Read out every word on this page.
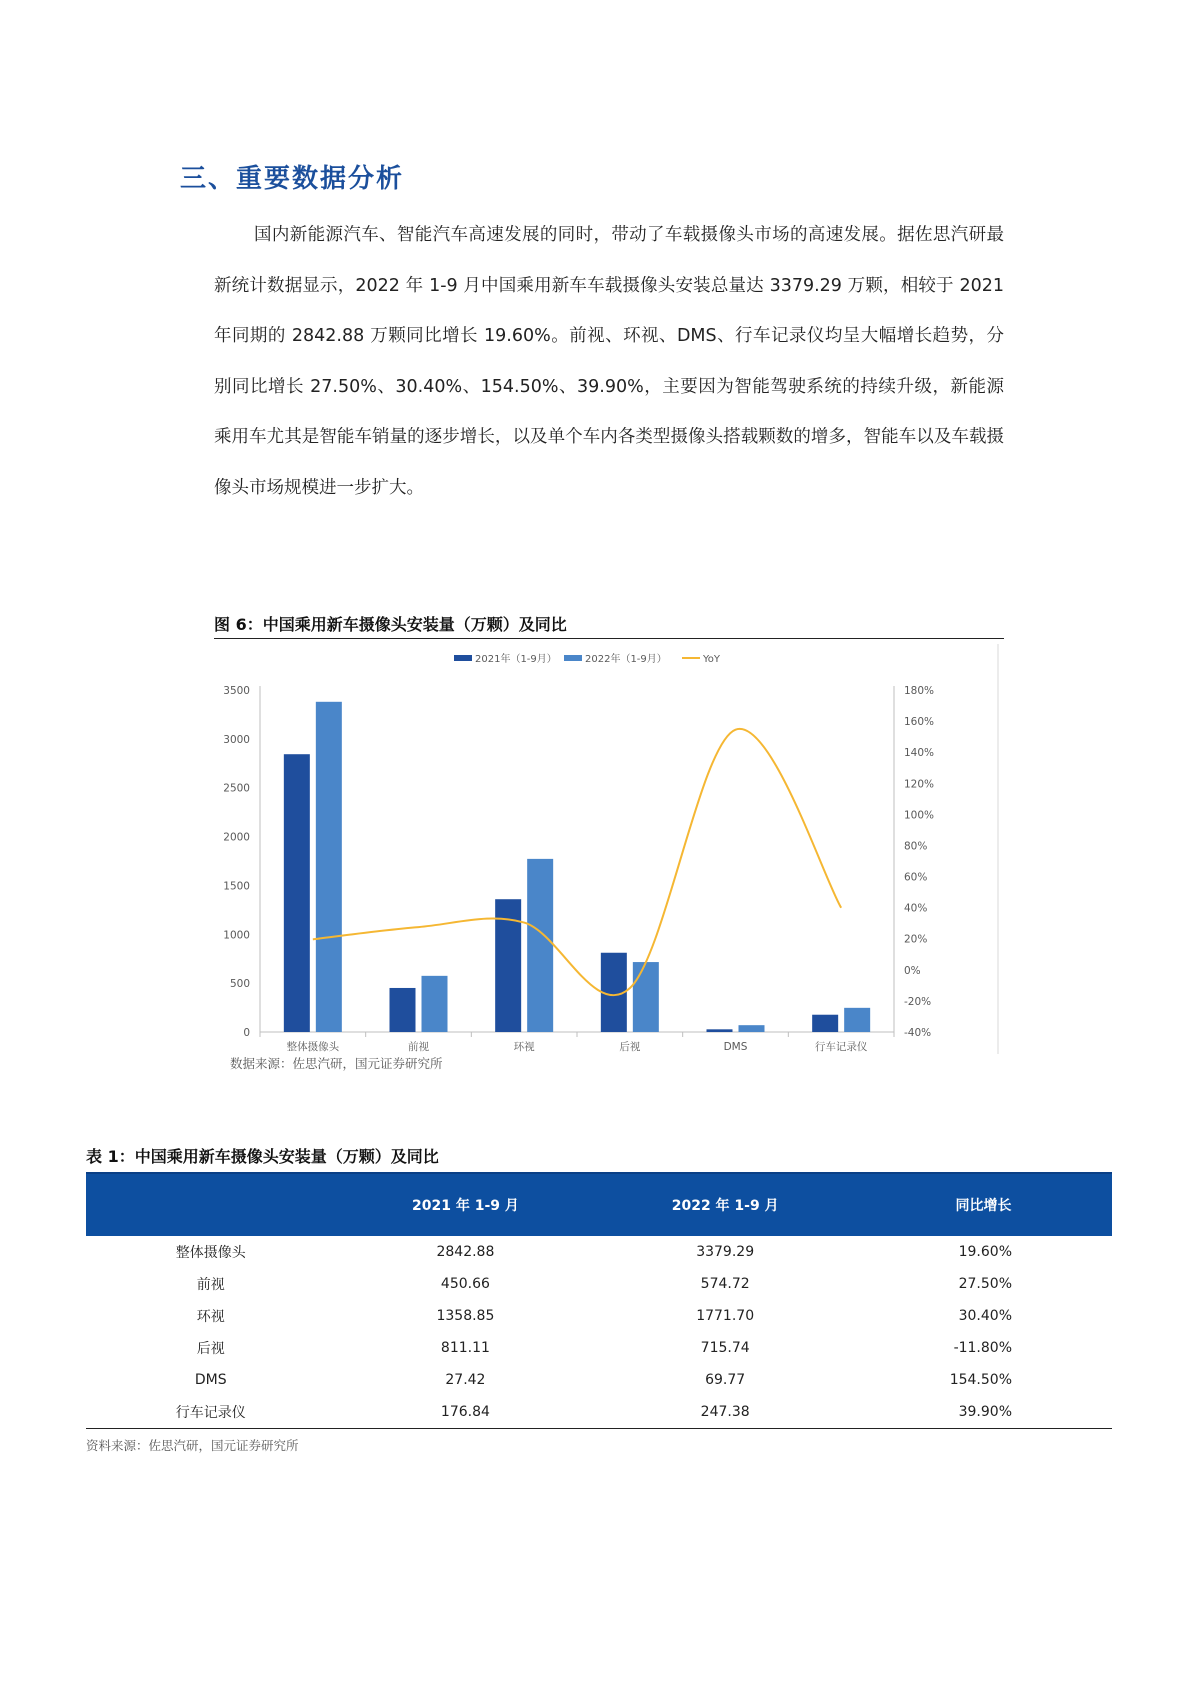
三、重要数据分析

国内新能源汽车、智能汽车高速发展的同时，带动了车载摄像头市场的高速发展。据佐思汽研最新统计数据显示，2022 年 1-9 月中国乘用新车车载摄像头安装总量达 3379.29 万颗，相较于 2021 年同期的 2842.88 万颗同比增长 19.60%。前视、环视、DMS、行车记录仪均呈大幅增长趋势，分别同比增长 27.50%、30.40%、154.50%、39.90%，主要因为智能驾驶系统的持续升级，新能源乘用车尤其是智能车销量的逐步增长，以及单个车内各类型摄像头搭载颗数的增多，智能车以及车载摄像头市场规模进一步扩大。

图 6：中国乘用新车摄像头安装量（万颗）及同比
0
500
1000
1500
2000
2500
3000
3500
-40%
-20%
0%
20%
40%
60%
80%
100%
120%
140%
160%
180%
整体摄像头	前视	环视	后视	DMS	行车记录仪
2021年（1-9月）	2022年（1-9月）	YoY
数据来源：佐思汽研，国元证券研究所
表 1：中国乘用新车摄像头安装量（万颗）及同比
	2021 年 1-9 月	2022 年 1-9 月	同比增长
整体摄像头	2842.88	3379.29	19.60%
前视	450.66	574.72	27.50%
环视	1358.85	1771.70	30.40%
后视	811.11	715.74	-11.80%
DMS	27.42	69.77	154.50%
行车记录仪	176.84	247.38	39.90%
资料来源：佐思汽研，国元证券研究所
